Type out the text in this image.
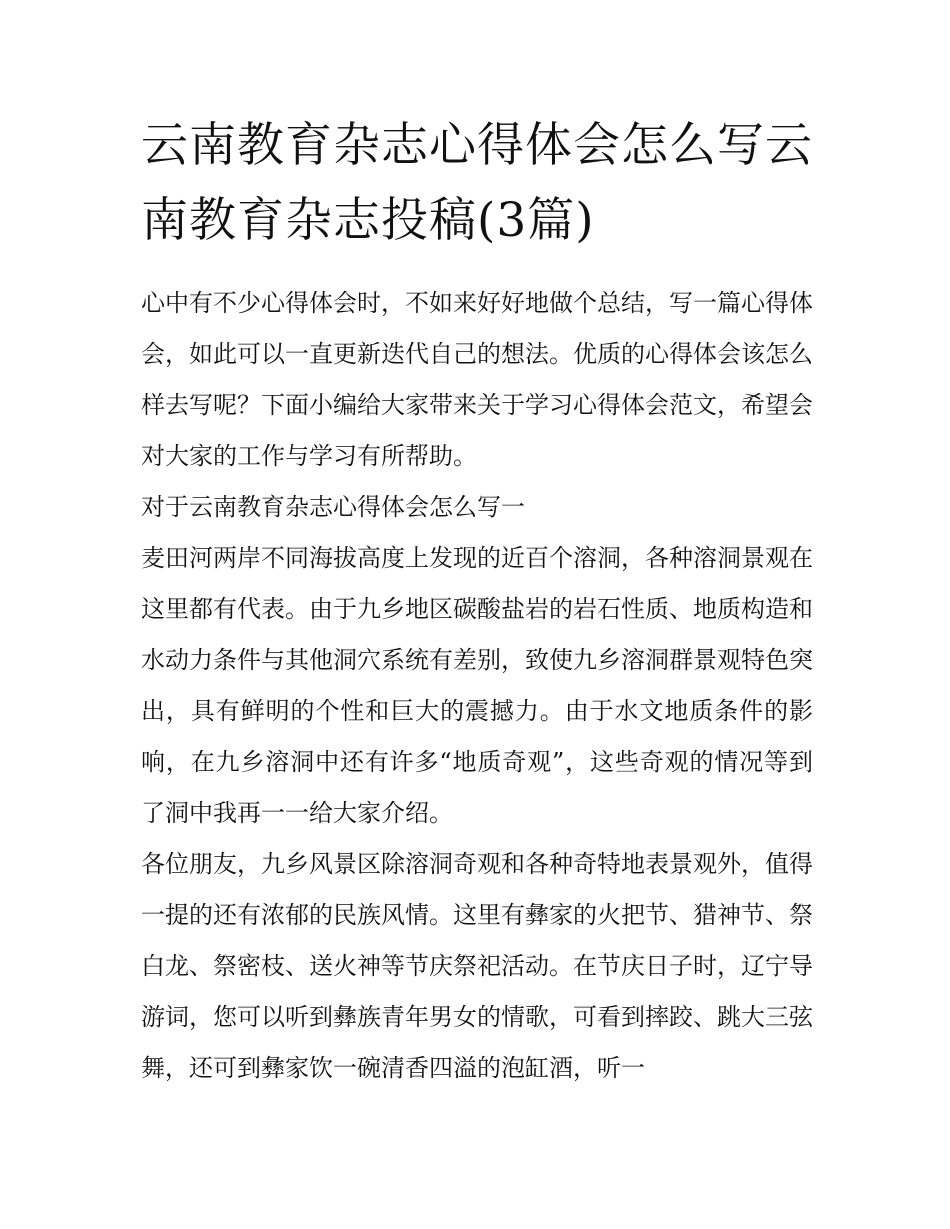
云南教育杂志心得体会怎么写云南教育杂志投稿(3篇)

心中有不少心得体会时，不如来好好地做个总结，写一篇心得体会，如此可以一直更新迭代自己的想法。优质的心得体会该怎么样去写呢？下面小编给大家带来关于学习心得体会范文，希望会对大家的工作与学习有所帮助。

对于云南教育杂志心得体会怎么写一

麦田河两岸不同海拔高度上发现的近百个溶洞，各种溶洞景观在这里都有代表。由于九乡地区碳酸盐岩的岩石性质、地质构造和水动力条件与其他洞穴系统有差别，致使九乡溶洞群景观特色突出，具有鲜明的个性和巨大的震撼力。由于水文地质条件的影响，在九乡溶洞中还有许多“地质奇观”，这些奇观的情况等到了洞中我再一一给大家介绍。

各位朋友，九乡风景区除溶洞奇观和各种奇特地表景观外，值得一提的还有浓郁的民族风情。这里有彝家的火把节、猎神节、祭白龙、祭密枝、送火神等节庆祭祀活动。在节庆日子时，辽宁导游词，您可以听到彝族青年男女的情歌，可看到摔跤、跳大三弦舞，还可到彝家饮一碗清香四溢的泡缸酒，听一
